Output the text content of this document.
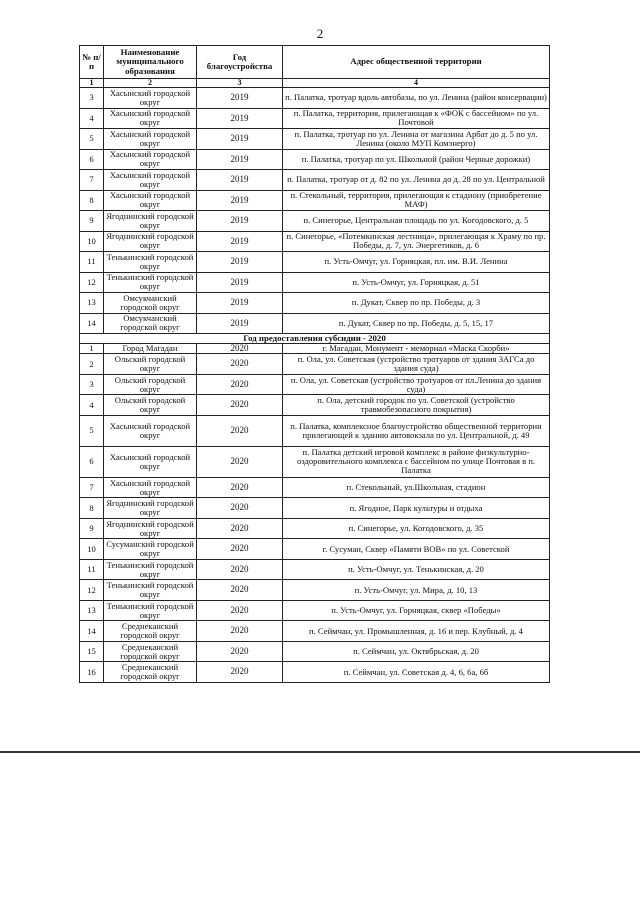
2
№ п/п	Наименование муниципального образования	Год благоустройства	Адрес общественной территории
1	2	3	4
3	Хасынский городской округ	2019	п. Палатка, тротуар вдоль автобазы, по ул. Ленина (район консервации)
4	Хасынский городской округ	2019	п. Палатка, территория, прилегающая к «ФОК с бассейном» по ул. Почтовой
5	Хасынский городской округ	2019	п. Палатка, тротуар по ул. Ленина от магазина Арбат до д. 5 по ул. Ленина (около МУП Комэнерго)
6	Хасынский городской округ	2019	п. Палатка, тротуар по ул. Школьной (район Черные дорожки)
7	Хасынский городской округ	2019	п. Палатка, тротуар от д. 82 по ул. Ленина до д. 28 по ул. Центральной
8	Хасынский городской округ	2019	п. Стекольный, территория, прилегающая к стадиону (приобретение МАФ)
9	Ягоднинский городской округ	2019	п. Синегорье, Центральная площадь по ул. Когодовского, д. 5
10	Ягоднинский городской округ	2019	п. Синегорье, «Потемкинская лестница», прилегающая к Храму по пр. Победы, д. 7, ул. Энергетиков, д. 6
11	Тенькинский городской округ	2019	п. Усть-Омчуг, ул. Горняцкая, пл. им. В.И. Ленина
12	Тенькинский городской округ	2019	п. Усть-Омчуг, ул. Горняцкая, д. 51
13	Омсукчанский городской округ	2019	п. Дукат, Сквер по пр. Победы, д. 3
14	Омсукчанский городской округ	2019	п. Дукат, Сквер по пр. Победы, д. 5, 15, 17
Год предоставления субсидии - 2020			
1	Город Магадан	2020	г. Магадан, Монумент - мемориал «Маска Скорби»
2	Ольский городской округ	2020	п. Ола, ул. Советская (устройство тротуаров от здания ЗАГСа до здания суда)
3	Ольский городской округ	2020	п. Ола, ул. Советская (устройство тротуаров от пл.Ленина до здания суда)
4	Ольский городской округ	2020	п. Ола, детский городок по ул. Советской (устройство травмобезопасного покрытия)
5	Хасынский городской округ	2020	п. Палатка, комплексное благоустройство общественной территории прилегающей к зданию автовокзала по ул. Центральной, д. 49
6	Хасынский городской округ	2020	п. Палатка детский игровой комплекс в районе физкультурно-оздоровительного комплекса с бассейном по улице Почтовая в п. Палатка
7	Хасынский городской округ	2020	п. Стекольный, ул.Школьная, стадион
8	Ягоднинский городской округ	2020	п. Ягодное, Парк культуры и отдыха
9	Ягоднинский городской округ	2020	п. Синегорье, ул. Когодовского, д. 35
10	Сусуманский городской округ	2020	г. Сусуман, Сквер «Памяти ВОВ» по ул. Советской
11	Тенькинский городской округ	2020	п. Усть-Омчуг, ул. Тенькинская, д. 20
12	Тенькинский городской округ	2020	п. Усть-Омчуг, ул. Мира, д. 10, 13
13	Тенькинский городской округ	2020	п. Усть-Омчуг, ул. Горняцкая, сквер «Победы»
14	Среднеканский городской округ	2020	п. Сеймчан, ул. Промышленная, д. 16 и пер. Клубный, д. 4
15	Среднеканский городской округ	2020	п. Сеймчан, ул. Октябрьская, д. 20
16	Среднеканский городской округ	2020	п. Сеймчан, ул. Советская д. 4, 6, 6а, 6б
